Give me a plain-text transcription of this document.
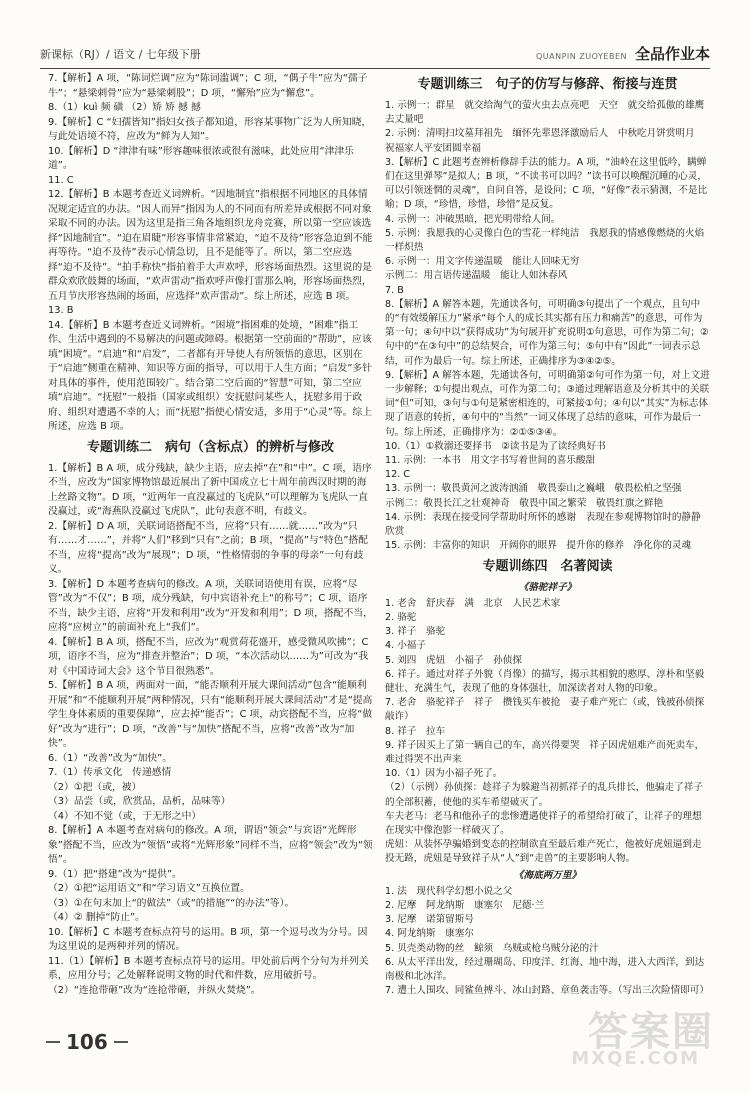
新课标（RJ）/ 语文 / 七年级下册	QUANPIN ZUOYEBEN 全品作业本

7.【解析】A 项，“陈词烂调”应为“陈词滥调”；C 项，“偶子牛”应为“孺子牛”；“悬梁刺骨”应为“悬梁刺股”；D 项，“懈殆”应为“懈怠”。

8.（1）kuì 频 磺 （2）矫 矫 撼 撼

9.【解析】C “妇孺皆知”指妇女孩子都知道，形容某事物广泛为人所知晓，与此处语境不符，应改为“鲜为人知”。

10.【解析】D “津津有味”形容趣味很浓或很有滋味，此处应用“津津乐道”。

11. C

12.【解析】B 本题考查近义词辨析。“因地制宜”指根据不同地区的具体情况规定适宜的办法。“因人而异”指因为人的不同而有所差异或根据不同对象采取不同的办法。因为这里是指三角各地组织龙舟竞赛，所以第一空应该选择“因地制宜”。“迫在眉睫”形容事情非常紧迫，“迫不及待”形容急迫到不能再等待。“迫不及待”表示心情急切，且不是能等了。所以，第二空应选择“迫不及待”。“拍手称快”指拍着手大声欢呼，形容场面热烈。这里说的是群众欢欣鼓舞的场面，“欢声雷动”指欢呼声像打雷那么响，形容场面热烈，五月节庆形容热闹的场面，应选择“欢声雷动”。综上所述，应选 B 项。

13. B

14.【解析】B 本题考查近义词辨析。“困境”指困难的处境，“困难”指工作、生活中遇到的不易解决的问题或障碍。根据第一空前面的“帮助”，应该填“困境”。“启迪”和“启发”，二者都有开导使人有所领悟的意思，区别在于“启迪”侧重在精神、知识等方面的指导，可以用于人生方面；“启发”多针对具体的事件，使用范围较广。结合第二空后面的“智慧”可知，第二空应填“启迪”。“抚慰”一般指（国家或组织）安抚慰问某些人，抚慰多用于政府、组织对遭遇不幸的人；而“抚慰”指使心情安适，多用于“心灵”等。综上所述，应选 B 项。

专题训练二　病句（含标点）的辨析与修改

1.【解析】B A 项，成分残缺，缺少主语，应去掉“在”和“中”。C 项，语序不当，应改为“国家博物馆最近展出了新中国成立七十周年前西汉时期的海上丝路文物”。D 项，“近两年一直没赢过的飞虎队”可以理解为飞虎队一直没赢过，或“海燕队没赢过飞虎队”，此句表意不明，有歧义。

2.【解析】D A 项，关联词语搭配不当，应将“只有……就……”改为“只有……才……”，并将“人们”移到“只有”之前；B 项，“提高”与“特色”搭配不当，应将“提高”改为“展现”；D 项，“性格情弱的争事的母亲”一句有歧义。

3.【解析】D 本题考查病句的修改。A 项，关联词语使用有误，应将“尽管”改为“不仅”；B 项，成分残缺，句中宾语补充上“的称号”；C 项，语序不当，缺少主语，应将“开发和利用”改为“开发和利用”；D 项，搭配不当，应将“应树立”的前面补充上“我们”。

4.【解析】B A 项，搭配不当，应改为“观赏荷花盛开，感受微风吹拂”；C 项，语序不当，应为“排查并整治”；D 项，“本次活动以……为”可改为“我对《中国诗词大会》这个节目很熟悉”。

5.【解析】B A 项，两面对一面，“能否顺利开展大课间活动”包含“能顺利开展”和“不能顺利开展”两种情况，只有“能顺利开展大课间活动”才是“提高学生身体素质的重要保障”，应去掉“能否”；C 项，动宾搭配不当，应将“做好”改为“进行”；D 项，“改善”与“加快”搭配不当，应将“改善”改为“加快”。

6.（1）“改善”改为“加快”。

7.（1）传承文化　传递感情

（2）①把（或，被）

（3）品尝（或，欣赏品，品析，品味等）

（4）不知不觉（或，于无形之中）

8.【解析】A 本题考查对病句的修改。A 项，谓语“领会”与宾语“光辉形象”搭配不当，应改为“领悟”或将“光辉形象”同样不当，应将“领会”改为“领悟”。

9.（1）把“搭建”改为“提供”。

（2）①把“运用语文”和“学习语文”互换位置。

（3）①在句末加上“的做法”（或“的措施”“的办法”等）。

（4）② 删掉“防止”。

10.【解析】C 本题考查标点符号的运用。B 项，第一个逗号改为分号。因为这里说的是两种并列的情况。

11.（1）【解析】B 本题考查标点符号的运用。甲处前后两个分句为并列关系，应用分号；乙处解释说明文物的时代和件数，应用破折号。

（2）“连抢带砸”改为“连抢带砸，并纵火焚烧”。

专题训练三　句子的仿写与修辞、衔接与连贯

1. 示例一：群星　就交给淘气的萤火虫去点亮吧　天空　就交给孤傲的雄鹰去丈量吧

2. 示例：清明扫坟墓拜祖先　缅怀先辈恩泽激励后人　中秋吃月饼赏明月　祝福家人平安团圆幸福

3.【解析】C 此题考查辨析修辞手法的能力。A 项，“油岭在这里低吟，瞒蝉们在这里弹琴”是拟人；B 项，“不读书可以吗？”读书可以唤醒沉睡的心灵，可以引领迷惘的灵魂”，自问自答，是设问；C 项，“好像”表示猜测，不是比喻；D 项，“珍惜，珍惜，珍惜”是反复。

4. 示例一：冲破黑暗，把光明带给人间。

5. 示例：我愿我的心灵像白色的雪花一样纯洁　我愿我的情感像燃烧的火焰一样炽热

6. 示例一：用文字传递温暖　能让人回味无穷

示例二：用言语传递温暖　能让人如沐春风

7. B

8.【解析】A 解答本题，先通读各句，可明确③句提出了一个观点，且句中的“有效缓解压力”紧承“每个人的成长其实都有压力和痛苦”的意思，可作为第一句；④句中以“获得成功”为句展开扩充说明①句意思，可作为第二句；②句中的“在③句中”的总结契合，可作为第三句；⑤句中有“因此”一词表示总结，可作为最后一句。综上所述，正确排序为③④②⑤。

9.【解析】A 解答本题，先通读各句，可明确第②句可作为第一句，对上文进一步解释；①句提出观点，可作为第二句；③通过理解语意及分析其中的关联词“但”可知，③句与①句是紧密相连的，可紧接①句；④句以“其实”为标志体现了语意的转折，④句中的“当然”一词又体现了总结的意味，可作为最后一句。综上所述，正确排序为：②①⑤③④。

10.（1）①救溺还要择书　②读书是为了读经典好书

11. 示例：一本书　用文字书写着世间的喜乐酸甜

12. C

13. 示例一：敬畏黄河之波涛汹涌　敬畏泰山之巍峨　敬畏松柏之坚强

示例二：敬畏长江之壮观神奇　敬畏中国之繁荣　敬畏红旗之鲜艳

14. 示例：表现在接受同学帮助时所怀的感谢　表现在参观博物馆时的静静欣赏

15. 示例：丰富你的知识　开阔你的眼界　提升你的修养　净化你的灵魂

专题训练四　名著阅读
《骆驼祥子》

1. 老舍　舒庆春　满　北京　人民艺术家

2. 骆驼

3. 祥子　骆驼

4. 小福子

5. 刘四　虎妞　小福子　孙侦探

6. 祥子。通过对祥子外貌（肖像）的描写，揭示其相貌的憨厚、淳朴和坚毅健壮、充满生气，表现了他的身体强壮，加深读者对人物的印象。

7. 老舍　骆驼祥子　祥子　攒钱买车被抢　妻子难产死亡（或，钱被孙侦探敲诈）

8. 祥子　拉车

9. 祥子因买上了第一辆自己的车，高兴得要哭　祥子因虎妞难产而死卖车，难过得哭不出声来

10.（1）因为小福子死了。

（2）（示例）孙侦探：趁祥子为躲避当初抓祥子的乱兵排长，他骗走了祥子的全部积蓄，使他的买车希望破灭了。

车夫老马：老马和他孙子的悲惨遭遇使祥子的希望给打破了，让祥子的理想在现实中像泡影一样破灭了。

虎妞：从装怀孕骗婚到变态的控制欲直至最后难产死亡，他被好虎妞逼到走投无路，虎妞是导致祥子从“人”到“走兽”的主要影响人物。

《海底两万里》

1. 法　现代科学幻想小说之父

2. 尼摩　阿龙纳斯　康塞尔　尼德·兰

3. 尼摩　诺第留斯号

4. 阿龙纳斯　康塞尔

5. 贝壳类动物的丝　鲸须　乌贼或枪乌贼分泌的汁

6. 从太平洋出发，经过珊瑚岛、印度洋、红海、地中海，进入大西洋，到达南极和北冰洋。

7. 遭土人围攻、同鲨鱼搏斗、冰山封路、章鱼袭击等。（写出三次险情即可）

106	答案圈
MXQE.COM
